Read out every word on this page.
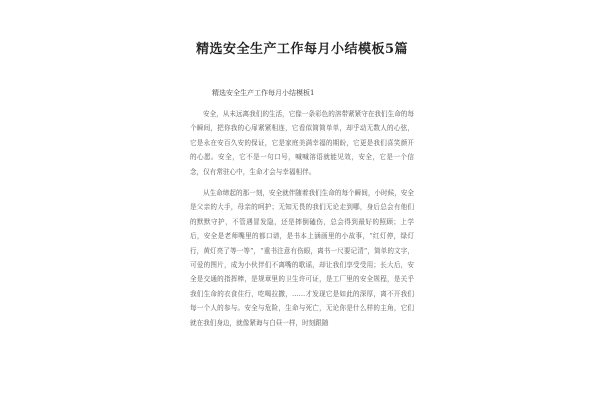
精选安全生产工作每月小结模板5篇
精选安全生产工作每月小结模板1

安全，从未远离我们的生活，它像一条彩色的溶带紧紧守在我们生命的每个瞬间，把你我的心扉紧紧相连，它看似简简单单，却乎动无数人的心弦，它是永在安百久安的保证，它是家庭美满幸福的期盼，它更是我们喜笑颜开的心愿。安全，它不是一句口号，喊喊溶语就能见效，安全，它是一个信念，仅有常驻心中，生命才会与幸福相伴。

从生命缔起的那一刻，安全就伴随着我们生命的每个瞬间，小时候，安全是父亲的大手，母亲的呵护；无知无畏的我们无论走到哪，身后总会有他们的默默守护，不管遇冒发隐，还是摔倒磕伤，总会得到最好的照顾；上学后，安全是老师嘴里的都口谱，是书本上涵画里的小故事，“红灯停，绿灯行，黄灯亮了等一等”，“重书注意有伤眼，离书一尺要记清”，简单的文字，可爱的图片，成为小伙伴们不离嘴的歌谣，却让我们享受受用；长大后，安全是交通的指挥棒，是规章里的卫生许可证，是工厂里的安全规程，是关乎我们生命的衣食住行，吃喝拉撒，……才发现它是如此的深厚，离不开我们每一个人的参与。安全与危险，生命与死亡，无论你是什么样的主角，它们就在我们身边，就像紧诲与白昼一样，时刻跟随
